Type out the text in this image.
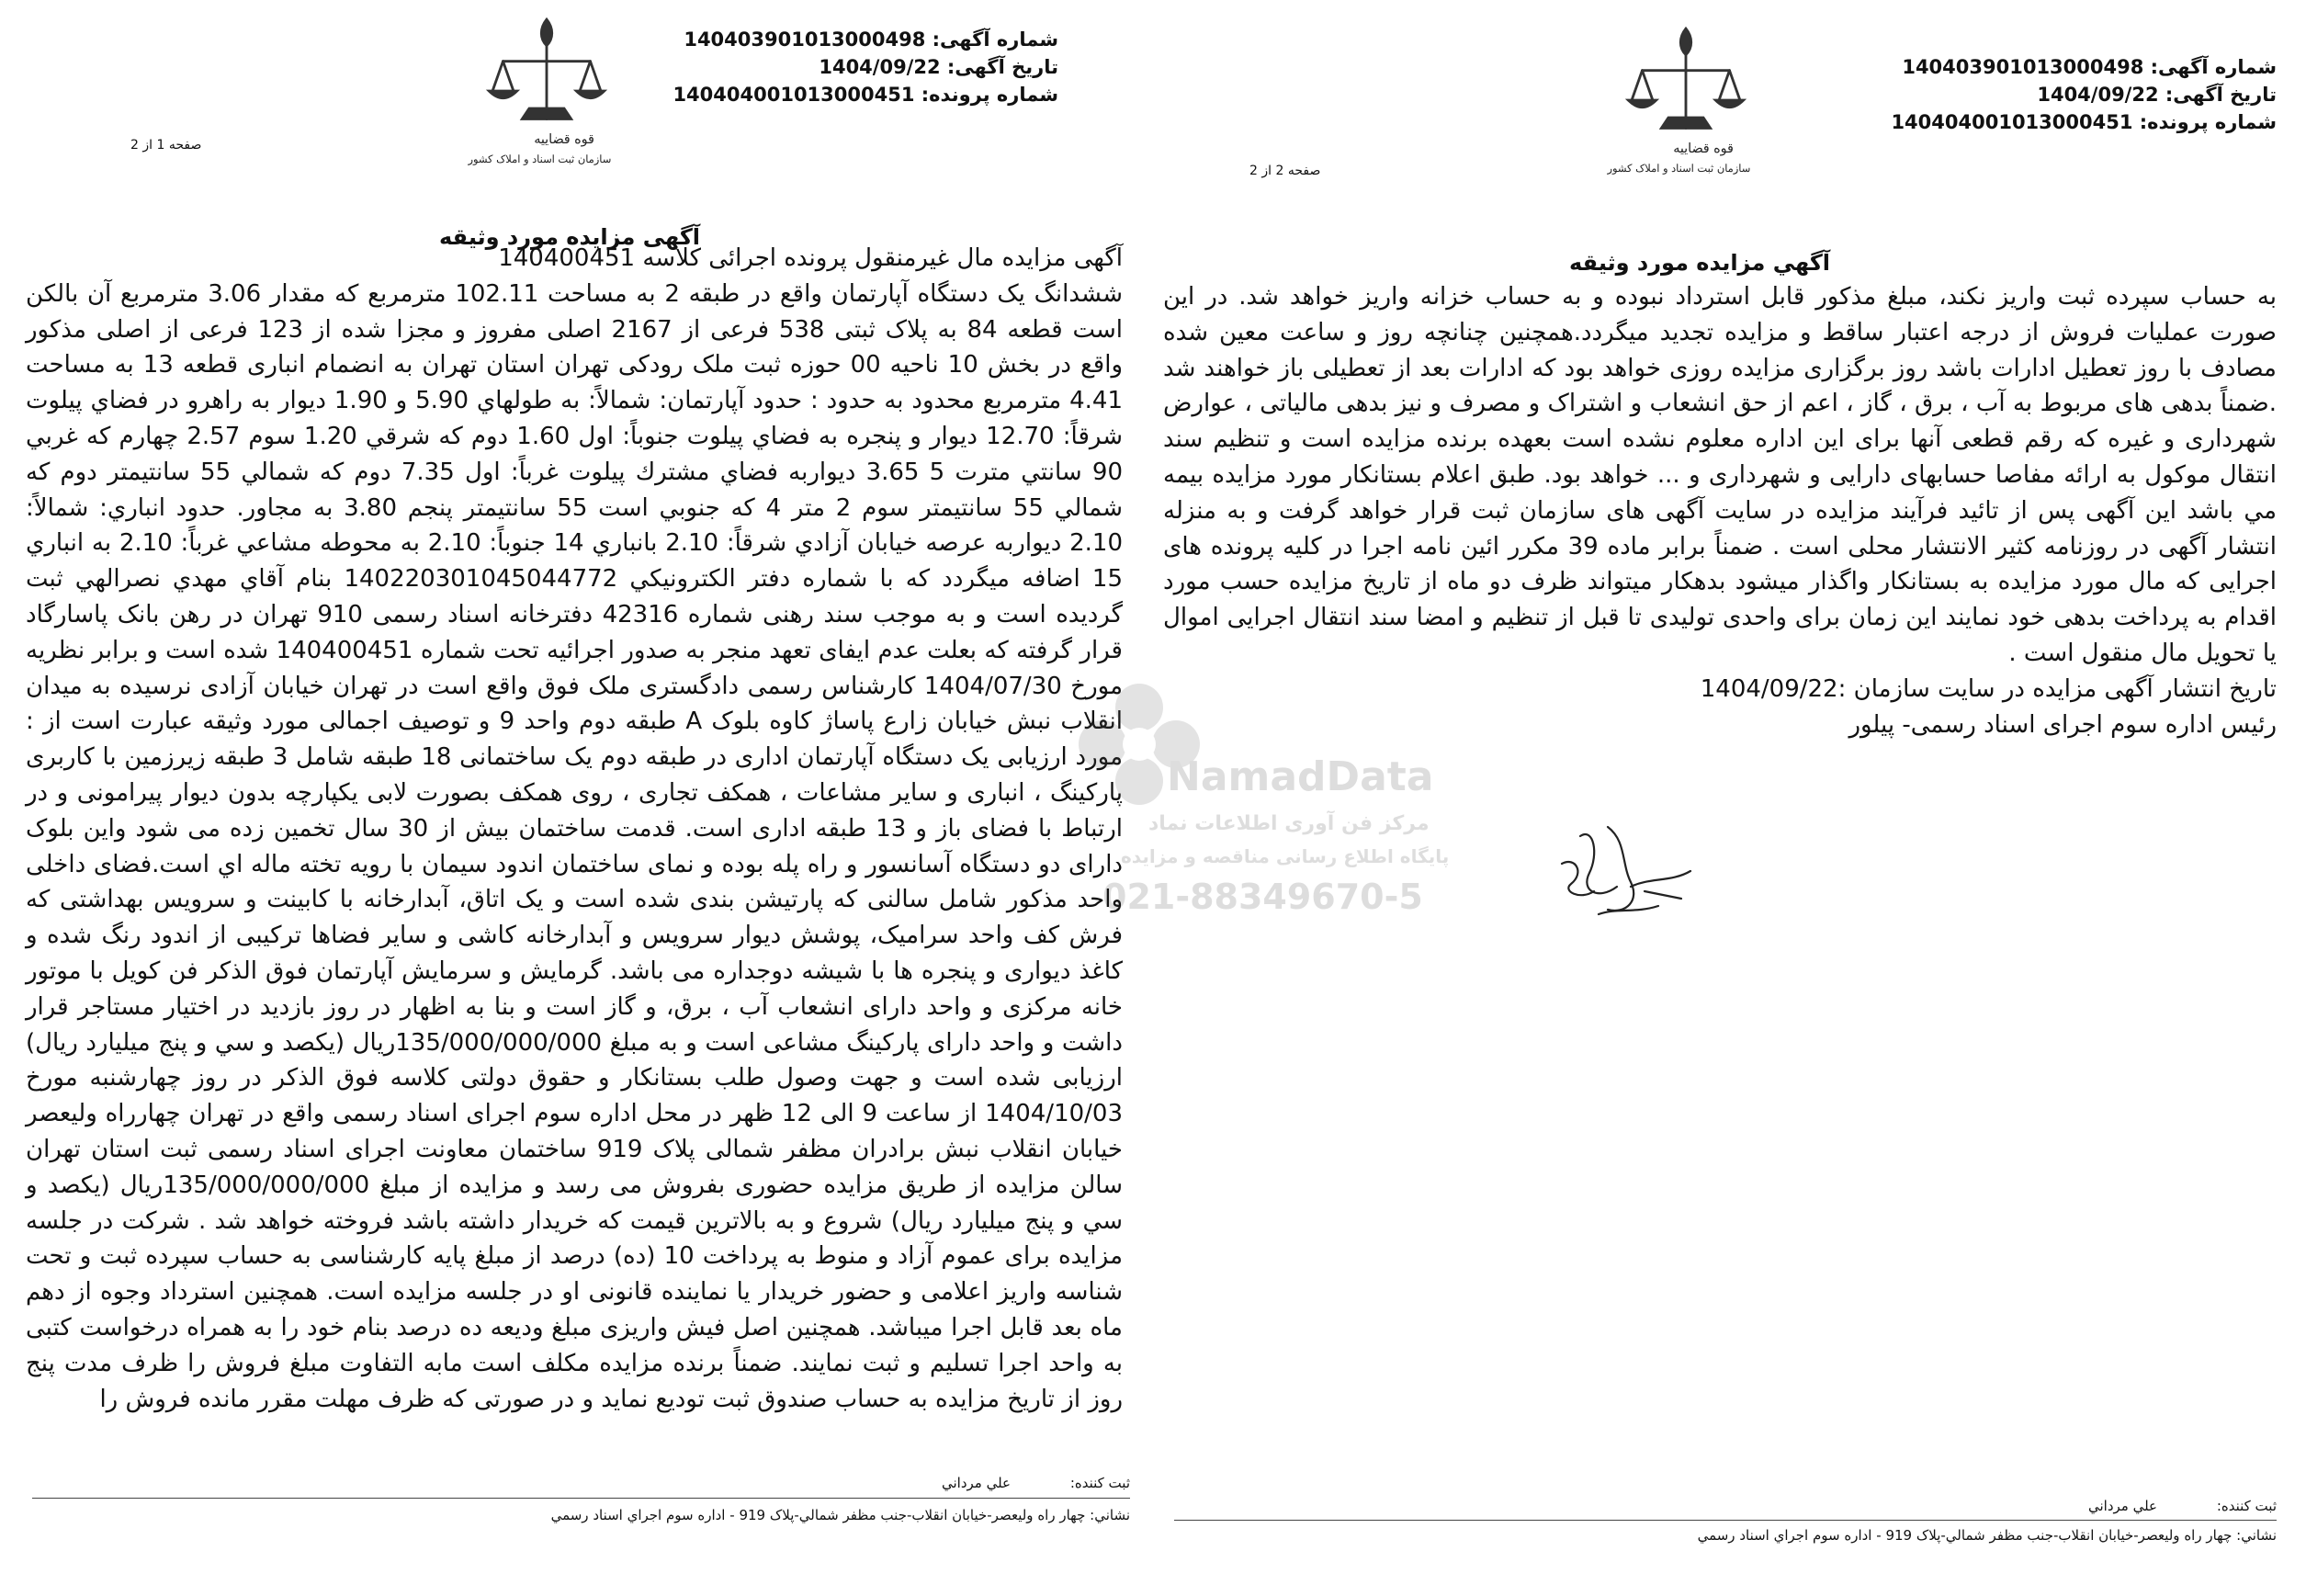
شماره آگهی: 140403901013000498
تاریخ آگهی: 1404/09/22
شماره پرونده: 140404001013000451
قوه قضاییه
سازمان ثبت اسناد و املاک کشور
صفحه 1 از 2
آگهی مزایده مورد وثیقه
آگهی مزایده مال غیرمنقول پرونده اجرائی کلاسه 140400451

ششدانگ یک دستگاه آپارتمان واقع در طبقه 2 به مساحت 102.11 مترمربع که مقدار 3.06 مترمربع آن بالکن است قطعه 84 به پلاک ثبتی 538 فرعی از 2167 اصلی مفروز و مجزا شده از 123 فرعی از اصلی مذکور واقع در بخش 10 ناحیه 00 حوزه ثبت ملک رودکی تهران استان تهران به انضمام انباری قطعه 13 به مساحت 4.41 مترمربع محدود به حدود : حدود آپارتمان: شمالاً: به طولهاي 5.90 و 1.90 ديوار به راهرو در فضاي پيلوت شرقاً: 12.70 ديوار و پنجره به فضاي پيلوت جنوباً: اول 1.60 دوم كه شرقي 1.20 سوم 2.57 چهارم كه غربي 90 سانتي مترت 5 3.65 ديواربه فضاي مشترك پيلوت غرباً: اول 7.35 دوم كه شمالي 55 سانتيمتر دوم كه شمالي 55 سانتيمتر سوم 2 متر 4 كه جنوبي است 55 سانتيمتر پنجم 3.80 به مجاور. حدود انباري: شمالاً: 2.10 ديواربه عرصه خيابان آزادي شرقاً: 2.10 بانباري 14 جنوباً: 2.10 به محوطه مشاعي غرباً: 2.10 به انباري 15 اضافه ميگردد كه با شماره دفتر الكترونيكي 140220301045044772 بنام آقاي مهدي نصرالهي ثبت گرديده است و به موجب سند رهنی شماره 42316 دفترخانه اسناد رسمی 910 تهران در رهن بانک پاسارگاد قرار گرفته که بعلت عدم ایفای تعهد منجر به صدور اجرائیه تحت شماره 140400451 شده است و برابر نظریه مورخ 1404/07/30 کارشناس رسمی دادگستری ملک فوق واقع است در تهران خیابان آزادی نرسیده به میدان انقلاب نبش خیابان زارع پاساژ کاوه بلوک A طبقه دوم واحد 9 و توصیف اجمالی مورد وثیقه عبارت است از : مورد ارزیابی یک دستگاه آپارتمان اداری در طبقه دوم یک ساختمانی 18 طبقه شامل 3 طبقه زیرزمین با کاربری پارکینگ ، انباری و سایر مشاعات ، همکف تجاری ، روی همکف بصورت لابی یکپارچه بدون دیوار پیرامونی و در ارتباط با فضای باز و 13 طبقه اداری است. قدمت ساختمان بیش از 30 سال تخمین زده می شود واین بلوک دارای دو دستگاه آسانسور و راه پله بوده و نمای ساختمان اندود سیمان با رویه تخته ماله اي است.فضای داخلی واحد مذکور شامل سالنی که پارتیشن بندی شده است و یک اتاق، آبدارخانه با کابینت و سرویس بهداشتی که فرش کف واحد سرامیک، پوشش دیوار سرویس و آبدارخانه کاشی و سایر فضاها ترکیبی از اندود رنگ شده و کاغذ دیواری و پنجره ها با شیشه دوجداره می باشد. گرمایش و سرمایش آپارتمان فوق الذکر فن کویل با موتور خانه مرکزی و واحد دارای انشعاب آب ، برق، و گاز است و بنا به اظهار در روز بازدید در اختیار مستاجر قرار داشت و واحد دارای پارکینگ مشاعی است و به مبلغ 135/000/000/000ريال (يكصد و سي و پنج ميليارد ريال) ارزیابی شده است و جهت وصول طلب بستانکار و حقوق دولتی کلاسه فوق الذکر در روز چهارشنبه مورخ 1404/10/03 از ساعت 9 الی 12 ظهر در محل اداره سوم اجرای اسناد رسمی واقع در تهران چهارراه ولیعصر خیابان انقلاب نبش برادران مظفر شمالی پلاک 919 ساختمان معاونت اجرای اسناد رسمی ثبت استان تهران سالن مزایده از طریق مزایده حضوری بفروش می رسد و مزایده از مبلغ 135/000/000/000ريال (يكصد و سي و پنج ميليارد ريال) شروع و به بالاترین قیمت که خریدار داشته باشد فروخته خواهد شد . شرکت در جلسه مزایده برای عموم آزاد و منوط به پرداخت 10 (ده) درصد از مبلغ پایه کارشناسی به حساب سپرده ثبت و تحت شناسه واریز اعلامی و حضور خریدار یا نماینده قانونی او در جلسه مزایده است. همچنین استرداد وجوه از دهم ماه بعد قابل اجرا میباشد. همچنین اصل فیش واریزی مبلغ ودیعه ده درصد بنام خود را به همراه درخواست کتبی به واحد اجرا تسلیم و ثبت نمایند. ضمناً برنده مزایده مکلف است مابه التفاوت مبلغ فروش را ظرف مدت پنج روز از تاریخ مزایده به حساب صندوق ثبت تودیع نماید و در صورتی که ظرف مهلت مقرر مانده فروش را

ثبت کننده:
علي مرداني
نشاني: چهار راه وليعصر-خيابان انقلاب-جنب مظفر شمالي-پلاک 919 - اداره سوم اجراي اسناد رسمي
شماره آگهی: 140403901013000498
تاریخ آگهی: 1404/09/22
شماره پرونده: 140404001013000451
قوه قضاییه
سازمان ثبت اسناد و املاک کشور
صفحه 2 از 2
آگهي مزايده مورد وثيقه

به حساب سپرده ثبت واریز نکند، مبلغ مذکور قابل استرداد نبوده و به حساب خزانه واریز خواهد شد. در این صورت عملیات فروش از درجه اعتبار ساقط و مزایده تجدید میگردد.همچنین چنانچه روز و ساعت معین شده مصادف با روز تعطیل ادارات باشد روز برگزاری مزایده روزی خواهد بود که ادارات بعد از تعطیلی باز خواهند شد .ضمناً بدهی های مربوط به آب ، برق ، گاز ، اعم از حق انشعاب و اشتراک و مصرف و نیز بدهی مالیاتی ، عوارض شهرداری و غیره که رقم قطعی آنها برای این اداره معلوم نشده است بعهده برنده مزایده است و تنظیم سند انتقال موکول به ارائه مفاصا حسابهای دارایی و شهرداری و ... خواهد بود. طبق اعلام بستانکار مورد مزایده بیمه مي باشد این آگهی پس از تائید فرآیند مزایده در سایت آگهی های سازمان ثبت قرار خواهد گرفت و به منزله انتشار آگهی در روزنامه کثیر الانتشار محلی است . ضمناً برابر ماده 39 مکرر ائین نامه اجرا در کلیه پرونده های اجرایی که مال مورد مزایده به بستانکار واگذار میشود بدهکار میتواند ظرف دو ماه از تاریخ مزایده حسب مورد اقدام به پرداخت بدهی خود نمایند این زمان برای واحدی تولیدی تا قبل از تنظیم و امضا سند انتقال اجرایی اموال یا تحویل مال منقول است .

تاریخ انتشار آگهی مزایده در سایت سازمان :1404/09/22
رئیس اداره سوم اجرای اسناد رسمی- پیلور
ثبت کننده:
علي مرداني
نشاني: چهار راه وليعصر-خيابان انقلاب-جنب مظفر شمالي-پلاک 919 - اداره سوم اجراي اسناد رسمي
NamadData
مرکز فن آوری اطلاعات نماد
پایگاه اطلاع رسانی مناقصه و مزایده
021-88349670-5
